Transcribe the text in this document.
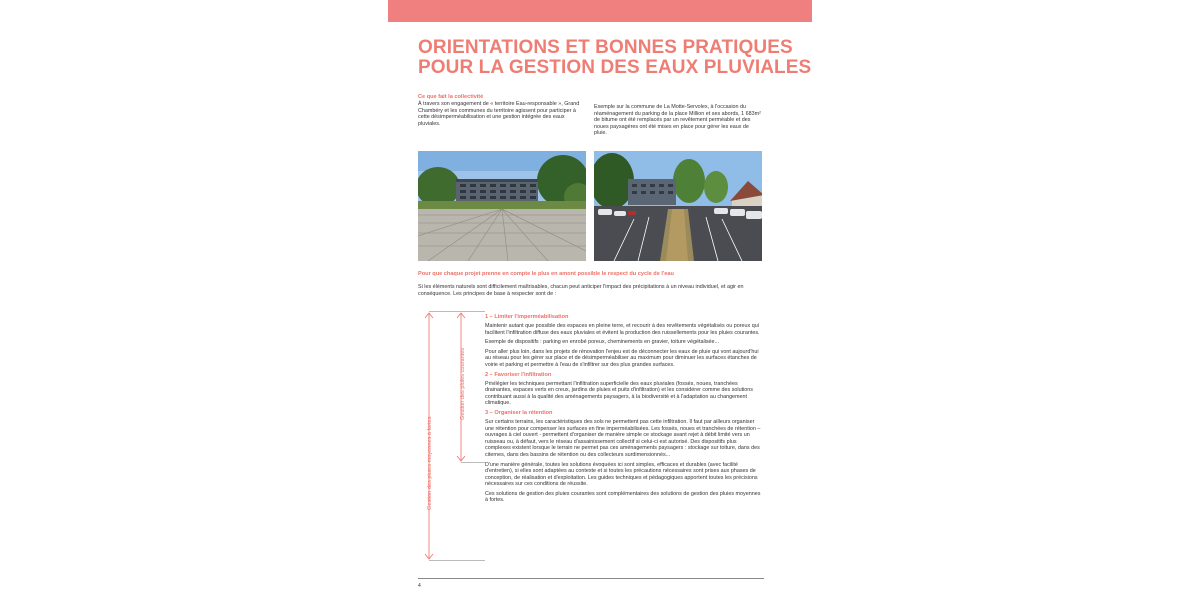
ORIENTATIONS ET BONNES PRATIQUES
POUR LA GESTION DES EAUX PLUVIALES
Ce que fait la collectivité
À travers son engagement de « territoire Eau-responsable », Grand Chambéry et les communes du territoire agissent pour participer à cette désimperméabilisation et une gestion intégrée des eaux pluviales.
Exemple sur la commune de La Motte-Servolex, à l'occasion du réaménagement du parking de la place Million et ses abords, 1 683m² de bitume ont été remplacés par un revêtement perméable et des noues paysagères ont été mises en place pour gérer les eaux de pluie.
Pour que chaque projet prenne en compte le plus en amont possible le respect du cycle de l'eau
Si les éléments naturels sont difficilement maîtrisables, chacun peut anticiper l'impact des précipitations à un niveau individuel, et agir en conséquence. Les principes de base à respecter sont de :
Gestion des pluies moyennes à fortes
Gestion des pluies courantes
1 – Limiter l'imperméabilisation

Maintenir autant que possible des espaces en pleine terre, et recourir à des revêtements végétalisés ou poreux qui facilitent l'infiltration diffuse des eaux pluviales et évitent la production des ruissellements pour les pluies courantes.

Exemple de dispositifs : parking en enrobé poreux, cheminements en gravier, toiture végétalisée...

Pour aller plus loin, dans les projets de rénovation l'enjeu est de déconnecter les eaux de pluie qui vont aujourd'hui au réseau pour les gérer sur place et de désimperméabiliser au maximum pour diminuer les surfaces étanches de voirie et parking et permettre à l'eau de s'infiltrer sur des plus grandes surfaces.

2 – Favoriser l'infiltration

Privilégier les techniques permettant l'infiltration superficielle des eaux pluviales (fossés, noues, tranchées drainantes, espaces verts en creux, jardins de pluies et puits d'infiltration) et les considérer comme des solutions contribuant aussi à la qualité des aménagements paysagers, à la biodiversité et à l'adaptation au changement climatique.

3 – Organiser la rétention

Sur certains terrains, les caractéristiques des sols ne permettent pas cette infiltration. Il faut par ailleurs organiser une rétention pour compenser les surfaces en fine imperméabilisées. Les fossés, noues et tranchées de rétention – ouvrages à ciel ouvert - permettent d'organiser de manière simple ce stockage avant rejet à débit limité vers un ruisseau ou, à défaut, vers le réseau d'assainissement collectif si celui-ci est autorisé. Des dispositifs plus complexes existent lorsque le terrain ne permet pas ces aménagements paysagers : stockage sur toiture, dans des citernes, dans des bassins de rétention ou des collecteurs surdimensionnés...

D'une manière générale, toutes les solutions évoquées ici sont simples, efficaces et durables (avec facilité d'entretien), si elles sont adaptées au contexte et si toutes les précautions nécessaires sont prises aux phases de conception, de réalisation et d'exploitation. Les guides techniques et pédagogiques apportent toutes les précisions nécessaires sur ces conditions de réussite.

Ces solutions de gestion des pluies courantes sont complémentaires des solutions de gestion des pluies moyennes à fortes.

4
